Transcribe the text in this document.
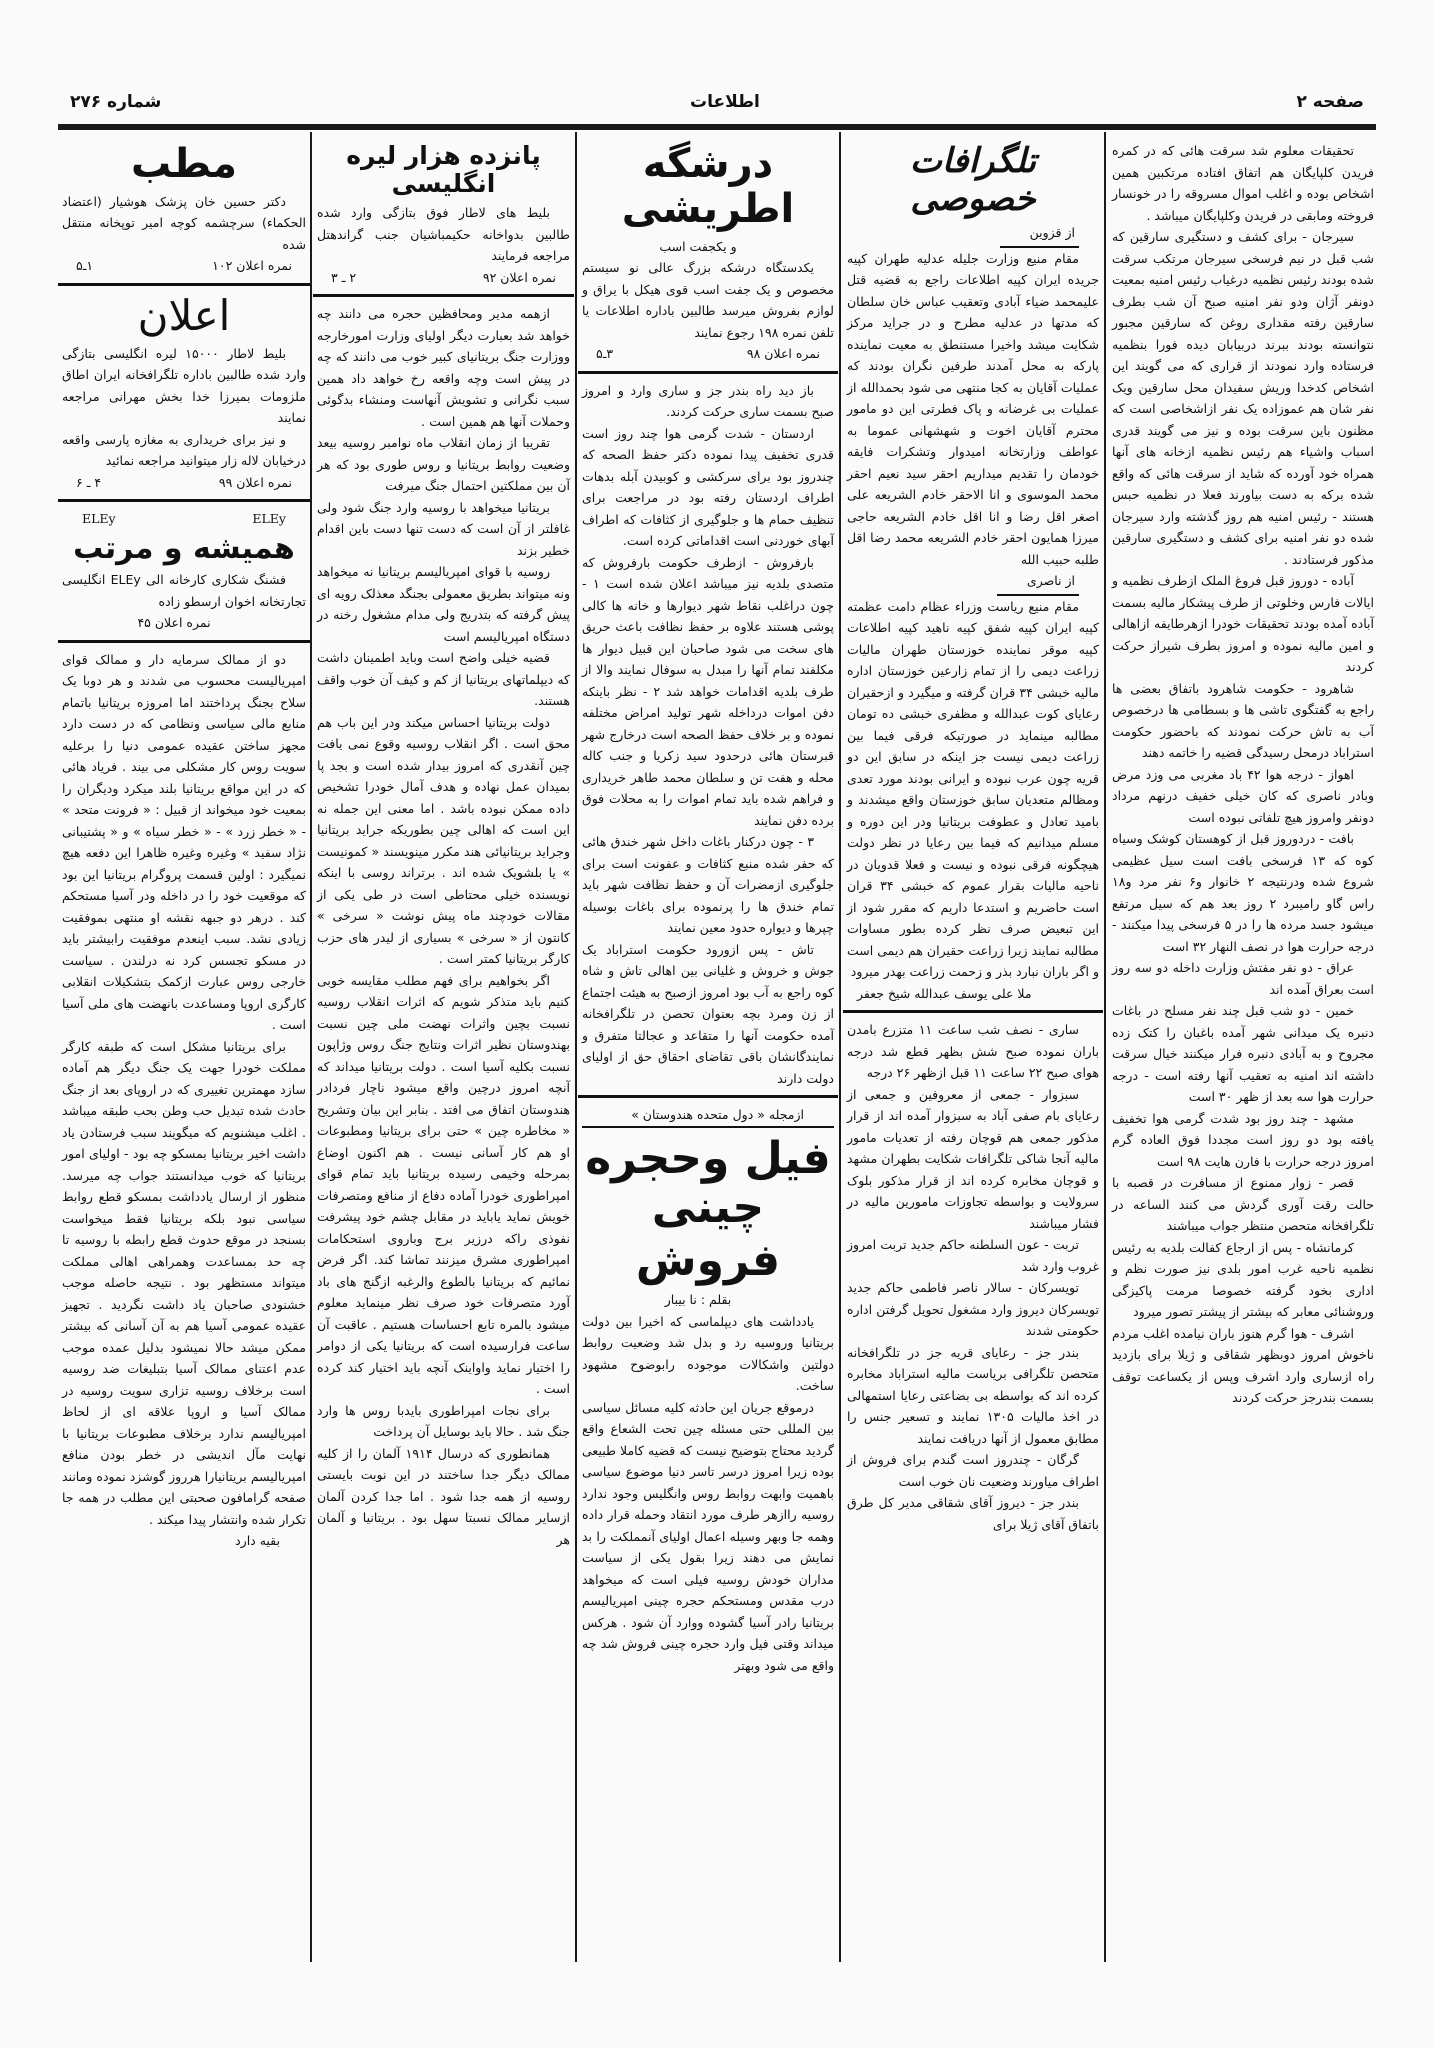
صفحه ۲
اطلاعات
شماره ۲۷۶

تحقیقات معلوم شد سرقت هائی که در کمره فریدن کلپایگان هم اتفاق افتاده مرتکبین همین اشخاص بوده و اغلب اموال مسروقه را در خونسار فروخته ومابقی در فریدن وکلپایگان میباشد .

سیرجان - برای کشف و دستگیری سارقین که شب قبل در نیم فرسخی سیرجان مرتکب سرقت شده بودند رئیس نظمیه درغیاب رئیس امنیه بمعیت دونفر آژان ودو نفر امنیه صبح آن شب بطرف سارقین رفته مقداری روغن که سارقین مجبور نتوانسته بودند ببرند دربیابان دیده فورا بنظمیه فرستاده وارد نمودند از قراری که می گویند این اشخاص کدخدا وریش سفیدان محل سارقین ویک نفر شان هم عموزاده یک نفر ازاشخاصی است که مظنون باین سرقت بوده و نیز می گویند قدری اسباب واشیاء هم رئیس نظمیه ازخانه های آنها همراه خود آورده که شاید از سرقت هائی که واقع شده برکه به دست بیاورند فعلا در نظمیه حبس هستند - رئیس امنیه هم روز گذشته وارد سیرجان شده دو نفر امنیه برای کشف و دستگیری سارقین مذکور فرستادند .

آباده - دوروز قبل فروغ الملک ازطرف نظمیه و ایالات فارس وخلوتی از طرف پیشکار مالیه بسمت آباده آمده بودند تحقیقات خودرا ازهرطایفه ازاهالی و امین مالیه نموده و امروز بطرف شیراز حرکت کردند

شاهرود - حکومت شاهرود باتفاق بعضی ها راجع به گفتگوی تاشی ها و بسطامی ها درخصوص آب به تاش حرکت نمودند که باحضور حکومت استراباد درمحل رسیدگی قضیه را خاتمه دهند

اهواز - درجه هوا ۴۲ باد مغربی می وزد مرض وبادر ناصری که کان خیلی خفیف درنهم مرداد دونفر وامروز هیچ تلفاتی نبوده است

بافت - دردوروز قبل از کوهستان کوشک وسیاه کوه که ۱۳ فرسخی بافت است سیل عظیمی شروع شده ودرنتیجه ۲ خانوار و۶ نفر مرد و۱۸ راس گاو رامیبرد ۲ روز بعد هم که سیل مرتفع میشود جسد مرده ها را در ۵ فرسخی پیدا میکنند - درجه حرارت هوا در نصف النهار ۳۲ است

عراق - دو نفر مفتش وزارت داخله دو سه روز است بعراق آمده اند

خمین - دو شب قبل چند نفر مسلح در باغات دنبره یک میدانی شهر آمده باغبان را کتک زده مجروح و به آبادی دنبره فرار میکنند خیال سرقت داشته اند امنیه به تعقیب آنها رفته است - درجه حرارت هوا سه بعد از ظهر ۳۰ است

مشهد - چند روز بود شدت گرمی هوا تخفیف یافته بود دو روز است مجددا فوق العاده گرم امروز درجه حرارت با فارن هایت ۹۸ است

قصر - زوار ممنوع از مسافرت در قصبه با حالت رقت آوری گردش می کنند الساعه در تلگرافخانه متحصن منتظر جواب میباشند

کرمانشاه - پس از ارجاع کفالت بلدیه به رئیس نظمیه ناحیه غرب امور بلدی نیز صورت نظم و اداری بخود گرفته خصوصا مرمت پاکیزگی وروشنائی معابر که بیشتر از پیشتر تصور میرود

اشرف - هوا گرم هنوز باران نیامده اغلب مردم ناخوش امروز دوبظهر شقاقی و ژیلا برای بازدید راه ازساری وارد اشرف وپس از یکساعت توقف بسمت بندرجز حرکت کردند

تلگرافات خصوصی
از قزوین

مقام منیع وزارت جلیله عدلیه طهران کپیه جریده ایران کپیه اطلاعات راجع به قضیه قتل علیمحمد ضیاء آبادی وتعقیب عباس خان سلطان که مدتها در عدلیه مطرح و در جراید مرکز شکایت میشد واخیرا مستنطق به معیت نماینده پارکه به محل آمدند طرفین نگران بودند که عملیات آقایان به کجا منتهی می شود بحمدالله از عملیات بی غرضانه و پاک فطرتی این دو مامور محترم آقایان اخوت و شهشهانی عموما به عواطف وزارتخانه امیدوار وتشکرات فایقه خودمان را تقدیم میداریم احقر سید نعیم احقر محمد الموسوی و انا الاحقر خادم الشریعه علی اصغر اقل رضا و انا اقل خادم الشریعه حاجی میرزا همایون احقر خادم الشریعه محمد رضا اقل طلبه حبیب الله

از ناصری

مقام منیع ریاست وزراء عظام دامت عظمته کپیه ایران کپیه شفق کپیه ناهید کپیه اطلاعات کپیه موقر نماینده خوزستان طهران مالیات زراعت دیمی را از تمام زارعین خوزستان اداره مالیه خبشی ۳۴ قران گرفته و میگیرد و ازحقیران رعایای کوت عبدالله و مظفری خبشی ده تومان مطالبه مینماید در صورتیکه فرقی فیما بین زراعت دیمی نیست جز اینکه در سابق این دو قریه چون عرب نبوده و ایرانی بودند مورد تعدی ومظالم متعدیان سابق خوزستان واقع میشدند و بامید تعادل و عطوفت بریتانیا ودر این دوره و مسلم میدانیم که فیما بین رعایا در نظر دولت هیچگونه فرقی نبوده و نیست و فعلا قدویان در ناحیه مالیات بقرار عموم که خبشی ۳۴ قران است حاضریم و استدعا داریم که مقرر شود از این تبعیض صرف نظر کرده بطور مساوات مطالبه نمایند زیرا زراعت حقیران هم دیمی است و اگر باران نبارد بذر و زحمت زراعت بهدر میرود

ملا علی یوسف عبدالله شیخ جعفر

ساری - نصف شب ساعت ۱۱ متزرع بامدن باران نموده صبح شش بظهر قطع شد درجه هوای صبح ۲۲ ساعت ۱۱ قبل ازظهر ۲۶ درجه

سبزوار - جمعی از معروفین و جمعی از رعایای بام صفی آباد به سبزوار آمده اند از قرار مذکور جمعی هم قوچان رفته از تعدیات مامور مالیه آنجا شاکی تلگرافات شکایت بطهران مشهد و قوچان مخابره کرده اند از قرار مذکور بلوک سرولایت و بواسطه تجاوزات مامورین مالیه در فشار میباشند

تربت - عون السلطنه حاکم جدید تربت امروز غروب وارد شد

تویسرکان - سالار ناصر فاطمی حاکم جدید تویسرکان دیروز وارد مشغول تحویل گرفتن اداره حکومتی شدند

بندر جز - رعایای قریه جز در تلگرافخانه متحصن تلگرافی بریاست مالیه استراباد مخابره کرده اند که بواسطه بی بضاعتی رعایا استمهالی در اخذ مالیات ۱۳۰۵ نمایند و تسعیر جنس را مطابق معمول از آنها دریافت نمایند

گرگان - چندروز است گندم برای فروش از اطراف میاورند وضعیت نان خوب است

بندر جز - دیروز آقای شقاقی مدیر کل طرق باتفاق آقای ژیلا برای

درشگه اطریشی

و یکجفت اسب

یکدستگاه درشکه بزرگ عالی نو سیستم مخصوص و یک جفت اسب قوی هیکل با یراق و لوازم بفروش میرسد طالبین باداره اطلاعات یا تلفن نمره ۱۹۸ رجوع نمایند

نمره اعلان ۹۸
۳ـ۵

باز دید راه بندر جز و ساری وارد و امروز صبح بسمت ساری حرکت کردند.

اردستان - شدت گرمی هوا چند روز است قدری تخفیف پیدا نموده دکتر حفظ الصحه که چندروز بود برای سرکشی و کوبیدن آبله بدهات اطراف اردستان رفته بود در مراجعت برای تنظیف حمام ها و جلوگیری از کثافات که اطراف آبهای خوردنی است اقداماتی کرده است.

بارفروش - ازطرف حکومت بارفروش که متصدی بلدیه نیز میباشد اعلان شده است ۱ - چون دراغلب نقاط شهر دیوارها و خانه ها کالی پوشی هستند علاوه بر حفظ نظافت باعث حریق های سخت می شود صاحبان این قبیل دیوار ها مکلفند تمام آنها را مبدل به سوفال نمایند والا از طرف بلدیه اقدامات خواهد شد ۲ - نظر باینکه دفن اموات درداخله شهر تولید امراض مختلفه نموده و بر خلاف حفظ الصحه است درخارج شهر قبرستان هائی درحدود سید زکریا و جنب کاله محله و هفت تن و سلطان محمد طاهر خریداری و فراهم شده باید تمام اموات را به محلات فوق برده دفن نمایند

۳ - چون درکنار باغات داخل شهر خندق هائی که حفر شده منبع کثافات و عفونت است برای جلوگیری ازمضرات آن و حفظ نظافت شهر باید تمام خندق ها را پرنموده برای باغات بوسیله چپرها و دیواره حدود معین نمایند

تاش - پس ازورود حکومت استراباد یک جوش و خروش و غلیانی بین اهالی تاش و شاه کوه راجع به آب بود امروز ازصبح به هیئت اجتماع از زن ومرد بچه بعنوان تحصن در تلگرافخانه آمده حکومت آنها را متقاعد و عجالتا متفرق و نمایندگانشان باقی تقاضای احقاق حق از اولیای دولت دارند

ازمجله « دول متحده هندوستان »

فیل وحجره چینی
فروش

بقلم : نا بیبار

یادداشت های دیپلماسی که اخیرا بین دولت بریتانیا وروسیه رد و بدل شد وضعیت روابط دولتین واشکالات موجوده رابوضوح مشهود ساخت.

درموقع جریان این حادثه کلیه مسائل سیاسی بین المللی حتی مسئله چین تحت الشعاع واقع گردید محتاج بتوضیح نیست که قضیه کاملا طبیعی بوده زیرا امروز درسر تاسر دنیا موضوع سیاسی باهمیت وابهت روابط روس وانگلیس وجود ندارد روسیه راازهر طرف مورد انتقاد وحمله قرار داده وهمه جا وبهر وسیله اعمال اولیای آنمملکت را بد نمایش می دهند زیرا بقول یکی از سیاست مداران خودش روسیه فیلی است که میخواهد درب مقدس ومستحکم حجره چینی امپریالیسم بریتانیا رادر آسیا گشوده ووارد آن شود . هرکس میداند وقتی فیل وارد حجره چینی فروش شد چه واقع می شود وبهتر

پانزده هزار لیره انگلیسی

بلیط های لاطار فوق بتازگی وارد شده طالبین بدواخانه حکیمباشیان جنب گراندهتل مراجعه فرمایند

نمره اعلان ۹۲
۲ ـ ۳

ازهمه مدیر ومحافظین حجره می دانند چه خواهد شد بعبارت دیگر اولیای وزارت امورخارجه ووزارت جنگ بریتانیای کبیر خوب می دانند که چه در پیش است وچه واقعه رخ خواهد داد همین سبب نگرانی و تشویش آنهاست ومنشاء بدگوئی وحملات آنها هم همین است .

تقریبا از زمان انقلاب ماه نوامبر روسیه بیعد وضعیت روابط بریتانیا و روس طوری بود که هر آن بین مملکتین احتمال جنگ میرفت

بریتانیا میخواهد با روسیه وارد جنگ شود ولی غافلتر از آن است که دست تنها دست باین اقدام خطیر بزند

روسیه با قوای امپریالیسم بریتانیا نه میخواهد ونه میتواند بطریق معمولی بجنگد معذلک رویه ای پیش گرفته که بتدریج ولی مدام مشغول رخنه در دستگاه امپریالیسم است

قضیه خیلی واضح است وباید اطمینان داشت که دیپلماتهای بریتانیا از کم و کیف آن خوب واقف هستند.

دولت بریتانیا احساس میکند ودر این باب هم محق است . اگر انقلاب روسیه وقوع نمی یافت چین آنقدری که امروز بیدار شده است و بجد پا بمیدان عمل نهاده و هدف آمال خودرا تشخیص داده ممکن نبوده باشد . اما معنی این جمله نه این است که اهالی چین بطوریکه جراید بریتانیا وجراید بریتانیائی هند مکرر مینویسند « کمونیست » یا بلشویک شده اند . برتراند روسی با اینکه نویسنده خیلی محتاطی است در طی یکی از مقالات خودچند ماه پیش نوشت « سرخی » کانتون از « سرخی » بسیاری از لیدر های حزب کارگر بریتانیا کمتر است .

اگر بخواهیم برای فهم مطلب مقایسه خوبی کنیم باید متذکر شویم که اثرات انقلاب روسیه نسبت بچین واثرات نهضت ملی چین نسبت بهندوستان نظیر اثرات ونتایج جنگ روس وژاپون نسبت بکلیه آسیا است . دولت بریتانیا میداند که آنچه امروز درچین واقع میشود ناچار فردادر هندوستان اتفاق می افتد . بنابر این بیان وتشریح « مخاطره چین » حتی برای بریتانیا ومطبوعات او هم کار آسانی نیست . هم اکنون اوضاع بمرحله وخیمی رسیده بریتانیا باید تمام قوای امپراطوری خودرا آماده دفاع از منافع ومتصرفات خویش نماید یاباید در مقابل چشم خود پیشرفت نفوذی راکه درزیر برج وباروی استحکامات امپراطوری مشرق میزنند تماشا کند. اگر فرض نمائیم که بریتانیا بالطوع والرغبه ازگنج های باد آورد متصرفات خود صرف نظر مینماید معلوم میشود بالمره تابع احساسات هستیم . عاقبت آن ساعت فرارسیده است که بریتانیا یکی از دوامر را اختیار نماید واواینک آنچه باید اختیار کند کرده است .

برای نجات امپراطوری بایدبا روس ها وارد جنگ شد . حالا باید بوسایل آن پرداخت

همانطوری که درسال ۱۹۱۴ آلمان را از کلیه ممالک دیگر جدا ساختند در این نوبت بایستی روسیه از همه جدا شود . اما جدا کردن آلمان ازسایر ممالک نسبتا سهل بود . بریتانیا و آلمان هر

مطب

دکتر حسین خان پزشک هوشیار (اعتضاد الحکماء) سرچشمه کوچه امیر توپخانه منتقل شده

نمره اعلان ۱۰۲
۱ـ۵
اعلان

بلیط لاطار ۱۵۰۰۰ لیره انگلیسی بتازگی وارد شده طالبین باداره تلگرافخانه ایران اطاق ملزومات بمیرزا خدا بخش مهرانی مراجعه نمایند

و نیز برای خریداری به مغازه پارسی واقعه درخیابان لاله زار میتوانید مراجعه نمائید

نمره اعلان ۹۹
۴ ـ ۶
ELEy	ELEy
همیشه و مرتب

فشنگ شکاری کارخانه الی ELEy انگلیسی تجارتخانه اخوان ارسطو زاده

نمره اعلان ۴۵

دو از ممالک سرمایه دار و ممالک قوای امپریالیست محسوب می شدند و هر دوبا یک سلاح بجنگ پرداختند اما امروزه بریتانیا باتمام منابع مالی سیاسی ونظامی که در دست دارد مجهز ساختن عقیده عمومی دنیا را برعلیه سویت روس کار مشکلی می بیند . فریاد هائی که در این مواقع بریتانیا بلند میکرد ودیگران را بمعیت خود میخواند از قبیل : « فرونت متحد » - « خطر زرد » - « خطر سیاه » و « پشتیبانی نژاد سفید » وغیره وغیره ظاهرا این دفعه هیچ نمیگیرد : اولین قسمت پروگرام بریتانیا این بود که موقعیت خود را در داخله ودر آسیا مستحکم کند . درهر دو جبهه نقشه او منتهی بموفقیت زیادی نشد. سبب اینعدم موفقیت رابیشتر باید در مسکو تجسس کرد نه درلندن . سیاست خارجی روس عبارت ازکمک بتشکیلات انقلابی کارگری اروپا ومساعدت بانهضت های ملی آسیا است .

برای بریتانیا مشکل است که طبقه کارگر مملکت خودرا جهت یک جنگ دیگر هم آماده سازد مهمترین تغییری که در اروپای بعد از جنگ حادث شده تبدیل حب وطن بحب طبقه میباشد . اغلب میشنویم که میگویند سبب فرستادن یاد داشت اخیر بریتانیا بمسکو چه بود - اولیای امور بریتانیا که خوب میدانستند جواب چه میرسد. منظور از ارسال یادداشت بمسکو قطع روابط سیاسی نبود بلکه بریتانیا فقط میخواست بسنجد در موقع حدوث قطع رابطه با روسیه تا چه حد بمساعدت وهمراهی اهالی مملکت میتواند مستظهر بود . نتیجه حاصله موجب خشنودی صاحبان یاد داشت نگردید . تجهیز عقیده عمومی آسیا هم به آن آسانی که بیشتر ممکن میشد حالا نمیشود بدلیل عمده موجب عدم اعتنای ممالک آسیا بتبلیغات ضد روسیه است برخلاف روسیه تزاری سویت روسیه در ممالک آسیا و اروپا علاقه ای از لحاظ امپریالیسم ندارد برخلاف مطبوعات بریتانیا با نهایت مآل اندیشی در خطر بودن منافع امپریالیسم بریتانیارا هرروز گوشزد نموده ومانند صفحه گرامافون صحبتی این مطلب در همه جا تکرار شده وانتشار پیدا میکند .

بقیه دارد
